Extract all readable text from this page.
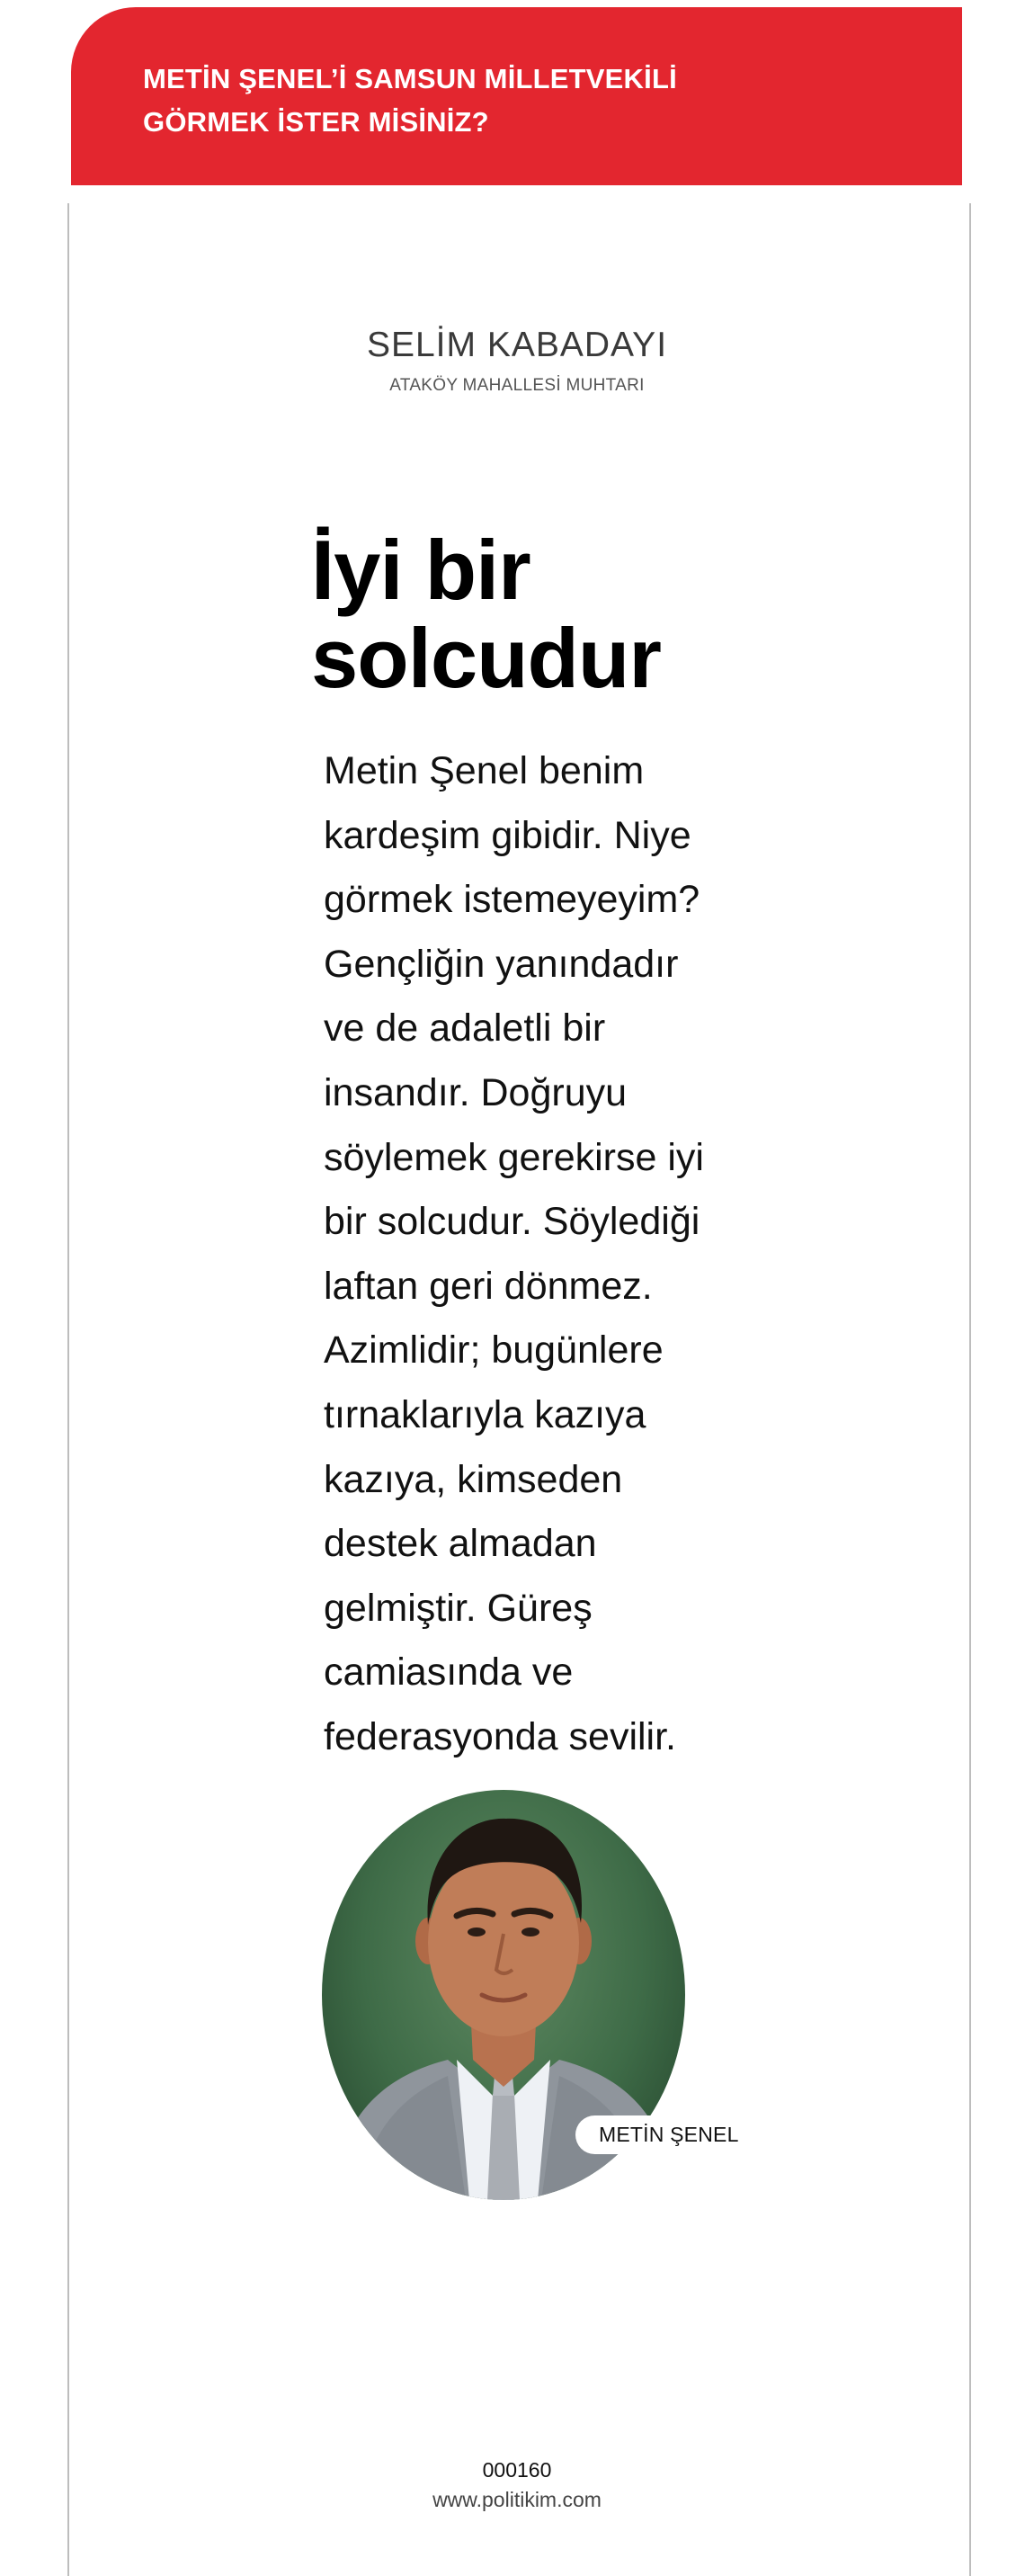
METİN ŞENEL’İ SAMSUN MİLLETVEKİLİ
GÖRMEK İSTER MİSİNİZ?
SELİM KABADAYI
ATAKÖY MAHALLESİ MUHTARI
İyi bir
solcudur
Metin Şenel benim
kardeşim gibidir. Niye
görmek istemeyeyim?
Gençliğin yanındadır
ve de adaletli bir
insandır. Doğruyu
söylemek gerekirse iyi
bir solcudur. Söylediği
laftan geri dönmez.
Azimlidir; bugünlere
tırnaklarıyla kazıya
kazıya, kimseden
destek almadan
gelmiştir. Güreş
camiasında ve
federasyonda sevilir.
METİN ŞENEL
000160
www.politikim.com
